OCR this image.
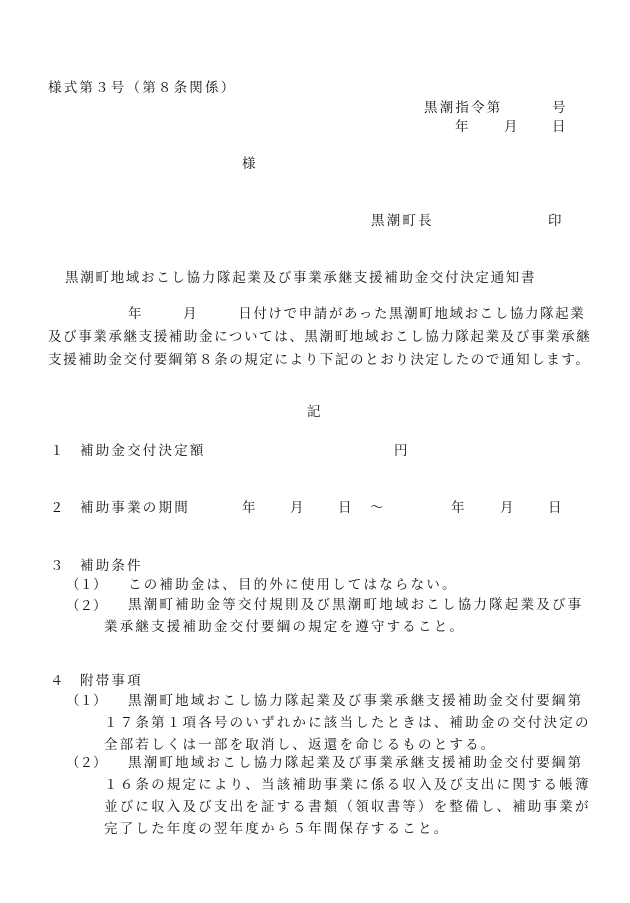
様式第３号（第８条関係）
黒潮指令第	号
年	月	日
様
黒潮町長	印
黒潮町地域おこし協力隊起業及び事業承継支援補助金交付決定通知書
年	月	日付けで申請があった黒潮町地域おこし協力隊起業及び事業承継支援補助金については、黒潮町地域おこし協力隊起業及び事業承継支援補助金交付要綱第８条の規定により下記のとおり決定したので通知します。
記
１ 補助金交付決定額	円
２ 補助事業の期間	年	月	日 ～	年	月	日
３ 補助条件
（１） この補助金は、目的外に使用してはならない。
（２）	黒潮町補助金等交付規則及び黒潮町地域おこし協力隊起業及び事業承継支援補助金交付要綱の規定を遵守すること。
４ 附帯事項
（１）	黒潮町地域おこし協力隊起業及び事業承継支援補助金交付要綱第１７条第１項各号のいずれかに該当したときは、補助金の交付決定の全部若しくは一部を取消し、返還を命じるものとする。
（２）	黒潮町地域おこし協力隊起業及び事業承継支援補助金交付要綱第１６条の規定により、当該補助事業に係る収入及び支出に関する帳簿並びに収入及び支出を証する書類（領収書等）を整備し、補助事業が完了した年度の翌年度から５年間保存すること。
